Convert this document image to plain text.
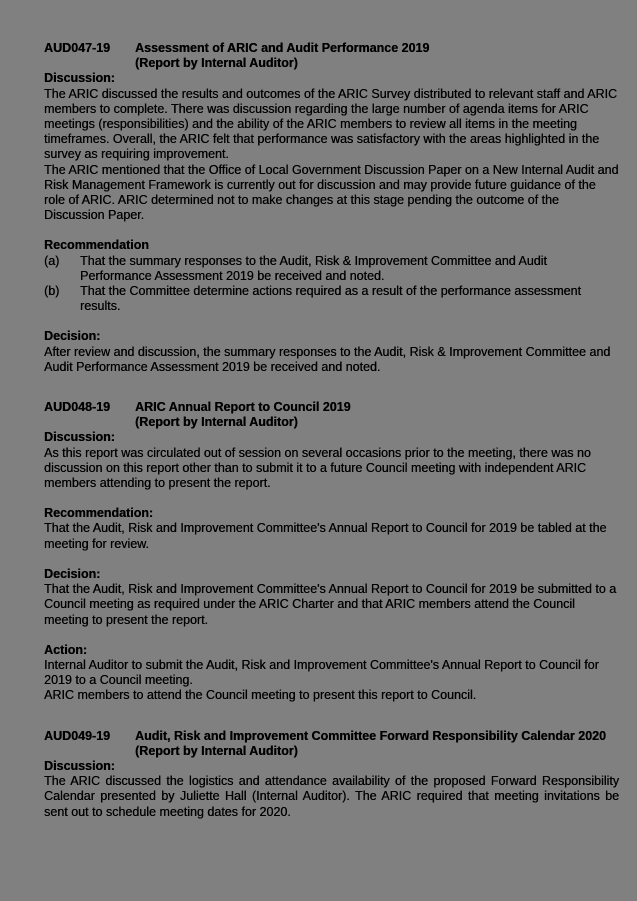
AUD047-19	Assessment of ARIC and Audit Performance 2019
(Report by Internal Auditor)
Discussion:

The ARIC discussed the results and outcomes of the ARIC Survey distributed to relevant staff and ARIC members to complete. There was discussion regarding the large number of agenda items for ARIC meetings (responsibilities) and the ability of the ARIC members to review all items in the meeting timeframes. Overall, the ARIC felt that performance was satisfactory with the areas highlighted in the survey as requiring improvement.

The ARIC mentioned that the Office of Local Government Discussion Paper on a New Internal Audit and Risk Management Framework is currently out for discussion and may provide future guidance of the role of ARIC. ARIC determined not to make changes at this stage pending the outcome of the Discussion Paper.

Recommendation
(a) That the summary responses to the Audit, Risk & Improvement Committee and Audit Performance Assessment 2019 be received and noted.
(b) That the Committee determine actions required as a result of the performance assessment results.
Decision:

After review and discussion, the summary responses to the Audit, Risk & Improvement Committee and Audit Performance Assessment 2019 be received and noted.

AUD048-19	ARIC Annual Report to Council 2019
(Report by Internal Auditor)
Discussion:

As this report was circulated out of session on several occasions prior to the meeting, there was no discussion on this report other than to submit it to a future Council meeting with independent ARIC members attending to present the report.

Recommendation:

That the Audit, Risk and Improvement Committee's Annual Report to Council for 2019 be tabled at the meeting for review.

Decision:

That the Audit, Risk and Improvement Committee's Annual Report to Council for 2019 be submitted to a Council meeting as required under the ARIC Charter and that ARIC members attend the Council meeting to present the report.

Action:

Internal Auditor to submit the Audit, Risk and Improvement Committee's Annual Report to Council for 2019 to a Council meeting.

ARIC members to attend the Council meeting to present this report to Council.

AUD049-19	Audit, Risk and Improvement Committee Forward Responsibility Calendar 2020
(Report by Internal Auditor)
Discussion:

The ARIC discussed the logistics and attendance availability of the proposed Forward Responsibility Calendar presented by Juliette Hall (Internal Auditor). The ARIC required that meeting invitations be sent out to schedule meeting dates for 2020.
